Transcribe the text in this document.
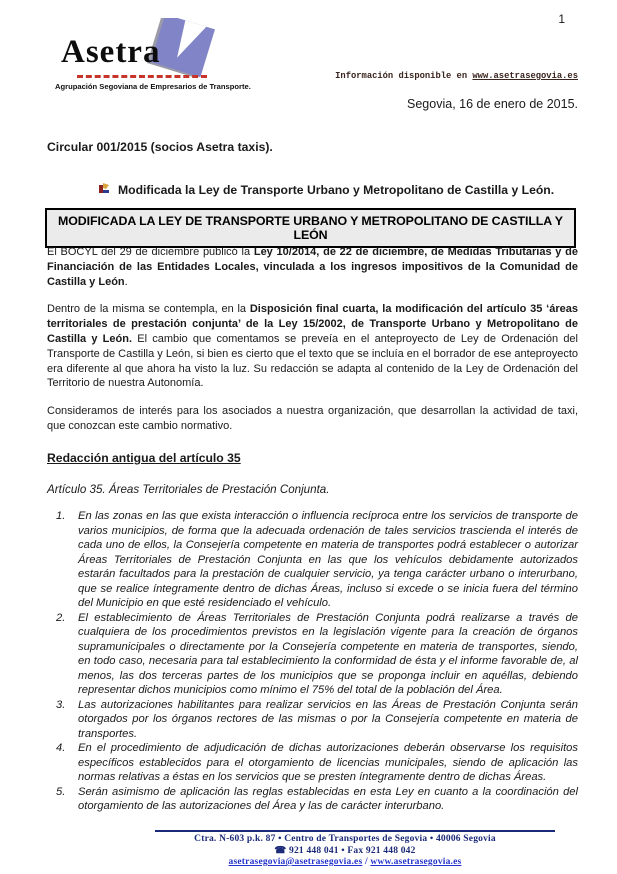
1
Asetra
Agrupación Segoviana de Empresarios de Transporte.
Información disponible en www.asetrasegovia.es
Segovia, 16 de enero de 2015.
Circular 001/2015 (socios Asetra taxis).
Modificada la Ley de Transporte Urbano y Metropolitano de Castilla y León.
MODIFICADA LA LEY DE TRANSPORTE URBANO Y METROPOLITANO DE CASTILLA Y LEÓN

El BOCYL del 29 de diciembre publicó la Ley 10/2014, de 22 de diciembre, de Medidas Tributarias y de Financiación de las Entidades Locales, vinculada a los ingresos impositivos de la Comunidad de Castilla y León.

Dentro de la misma se contempla, en la Disposición final cuarta, la modificación del artículo 35 ‘áreas territoriales de prestación conjunta’ de la Ley 15/2002, de Transporte Urbano y Metropolitano de Castilla y León. El cambio que comentamos se preveía en el anteproyecto de Ley de Ordenación del Transporte de Castilla y León, si bien es cierto que el texto que se incluía en el borrador de ese anteproyecto era diferente al que ahora ha visto la luz. Su redacción se adapta al contenido de la Ley de Ordenación del Territorio de nuestra Autonomía.

Consideramos de interés para los asociados a nuestra organización, que desarrollan la actividad de taxi, que conozcan este cambio normativo.

Redacción antigua del artículo 35

Artículo 35. Áreas Territoriales de Prestación Conjunta.

1. En las zonas en las que exista interacción o influencia recíproca entre los servicios de transporte de varios municipios, de forma que la adecuada ordenación de tales servicios trascienda el interés de cada uno de ellos, la Consejería competente en materia de transportes podrá establecer o autorizar Áreas Territoriales de Prestación Conjunta en las que los vehículos debidamente autorizados estarán facultados para la prestación de cualquier servicio, ya tenga carácter urbano o interurbano, que se realice íntegramente dentro de dichas Áreas, incluso si excede o se inicia fuera del término del Municipio en que esté residenciado el vehículo.
2. El establecimiento de Áreas Territoriales de Prestación Conjunta podrá realizarse a través de cualquiera de los procedimientos previstos en la legislación vigente para la creación de órganos supramunicipales o directamente por la Consejería competente en materia de transportes, siendo, en todo caso, necesaria para tal establecimiento la conformidad de ésta y el informe favorable de, al menos, las dos terceras partes de los municipios que se proponga incluir en aquéllas, debiendo representar dichos municipios como mínimo el 75% del total de la población del Área.
3. Las autorizaciones habilitantes para realizar servicios en las Áreas de Prestación Conjunta serán otorgados por los órganos rectores de las mismas o por la Consejería competente en materia de transportes.
4. En el procedimiento de adjudicación de dichas autorizaciones deberán observarse los requisitos específicos establecidos para el otorgamiento de licencias municipales, siendo de aplicación las normas relativas a éstas en los servicios que se presten íntegramente dentro de dichas Áreas.
5. Serán asimismo de aplicación las reglas establecidas en esta Ley en cuanto a la coordinación del otorgamiento de las autorizaciones del Área y las de carácter interurbano.
Ctra. N-603 p.k. 87 • Centro de Transportes de Segovia • 40006 Segovia
☎ 921 448 041 • Fax 921 448 042
asetrasegovia@asetrasegovia.es / www.asetrasegovia.es
